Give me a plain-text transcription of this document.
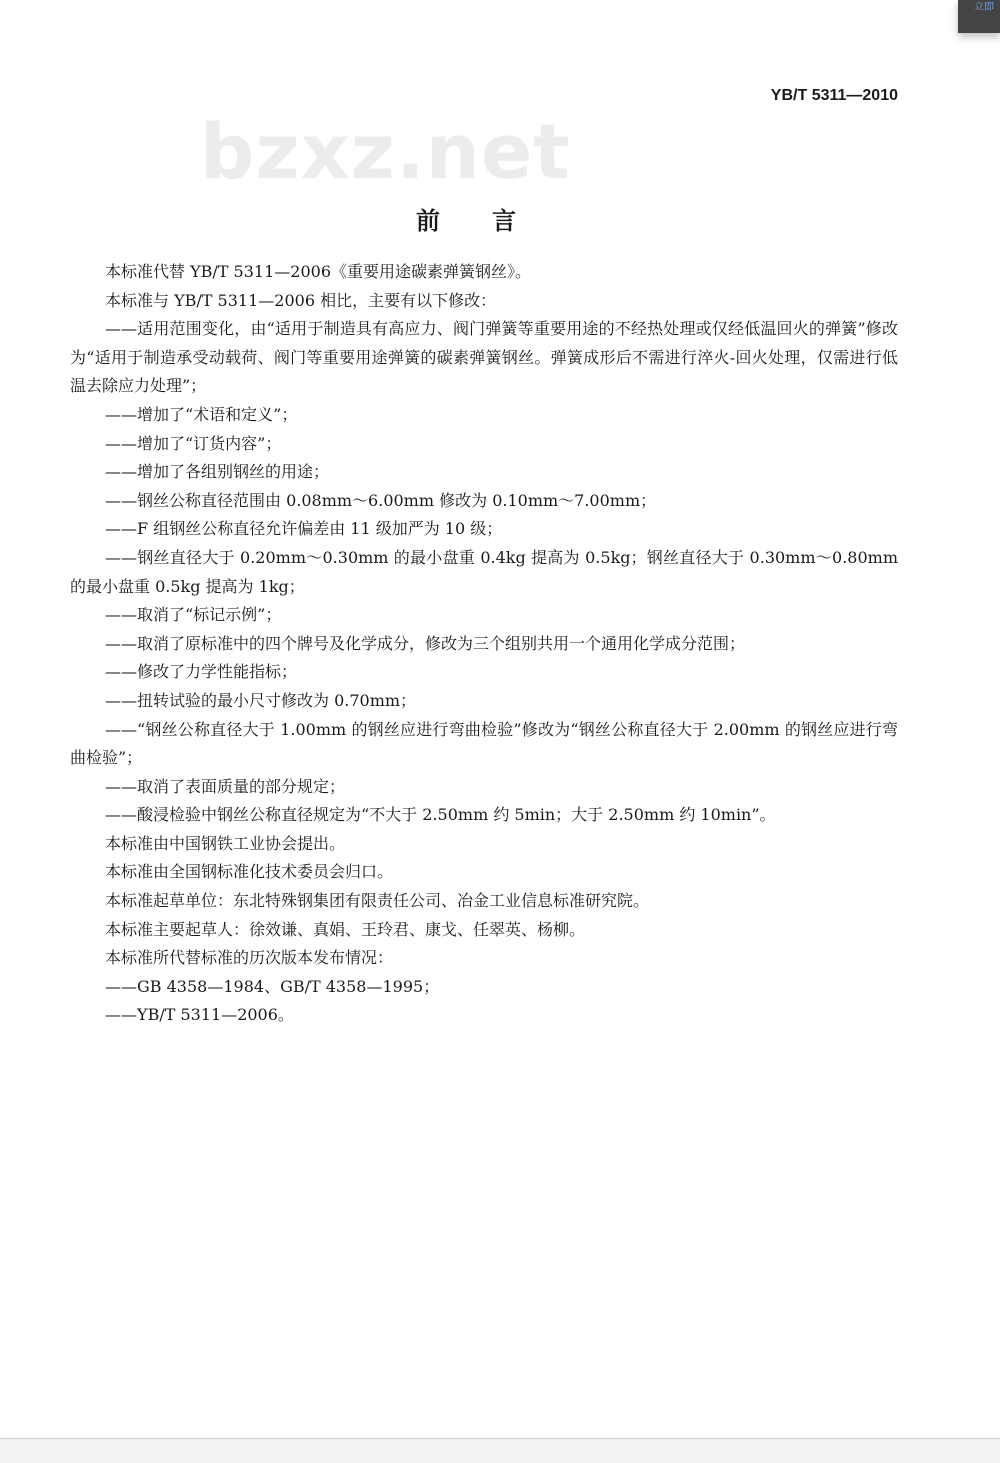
立即
YB/T 5311—2010
bzxz.net
前言

本标准代替 YB/T 5311—2006《重要用途碳素弹簧钢丝》。

本标准与 YB/T 5311—2006 相比，主要有以下修改：

——适用范围变化，由“适用于制造具有高应力、阀门弹簧等重要用途的不经热处理或仅经低温回火的弹簧”修改为“适用于制造承受动载荷、阀门等重要用途弹簧的碳素弹簧钢丝。弹簧成形后不需进行淬火-回火处理，仅需进行低温去除应力处理”；

——增加了“术语和定义”；

——增加了“订货内容”；

——增加了各组别钢丝的用途；

——钢丝公称直径范围由 0.08mm～6.00mm 修改为 0.10mm～7.00mm；

——F 组钢丝公称直径允许偏差由 11 级加严为 10 级；

——钢丝直径大于 0.20mm～0.30mm 的最小盘重 0.4kg 提高为 0.5kg；钢丝直径大于 0.30mm～0.80mm 的最小盘重 0.5kg 提高为 1kg；

——取消了“标记示例”；

——取消了原标准中的四个牌号及化学成分，修改为三个组别共用一个通用化学成分范围；

——修改了力学性能指标；

——扭转试验的最小尺寸修改为 0.70mm；

——“钢丝公称直径大于 1.00mm 的钢丝应进行弯曲检验”修改为“钢丝公称直径大于 2.00mm 的钢丝应进行弯曲检验”；

——取消了表面质量的部分规定；

——酸浸检验中钢丝公称直径规定为“不大于 2.50mm 约 5min；大于 2.50mm 约 10min”。

本标准由中国钢铁工业协会提出。

本标准由全国钢标准化技术委员会归口。

本标准起草单位：东北特殊钢集团有限责任公司、冶金工业信息标准研究院。

本标准主要起草人：徐效谦、真娟、王玲君、康戈、任翠英、杨柳。

本标准所代替标准的历次版本发布情况：

——GB 4358—1984、GB/T 4358—1995；

——YB/T 5311—2006。
